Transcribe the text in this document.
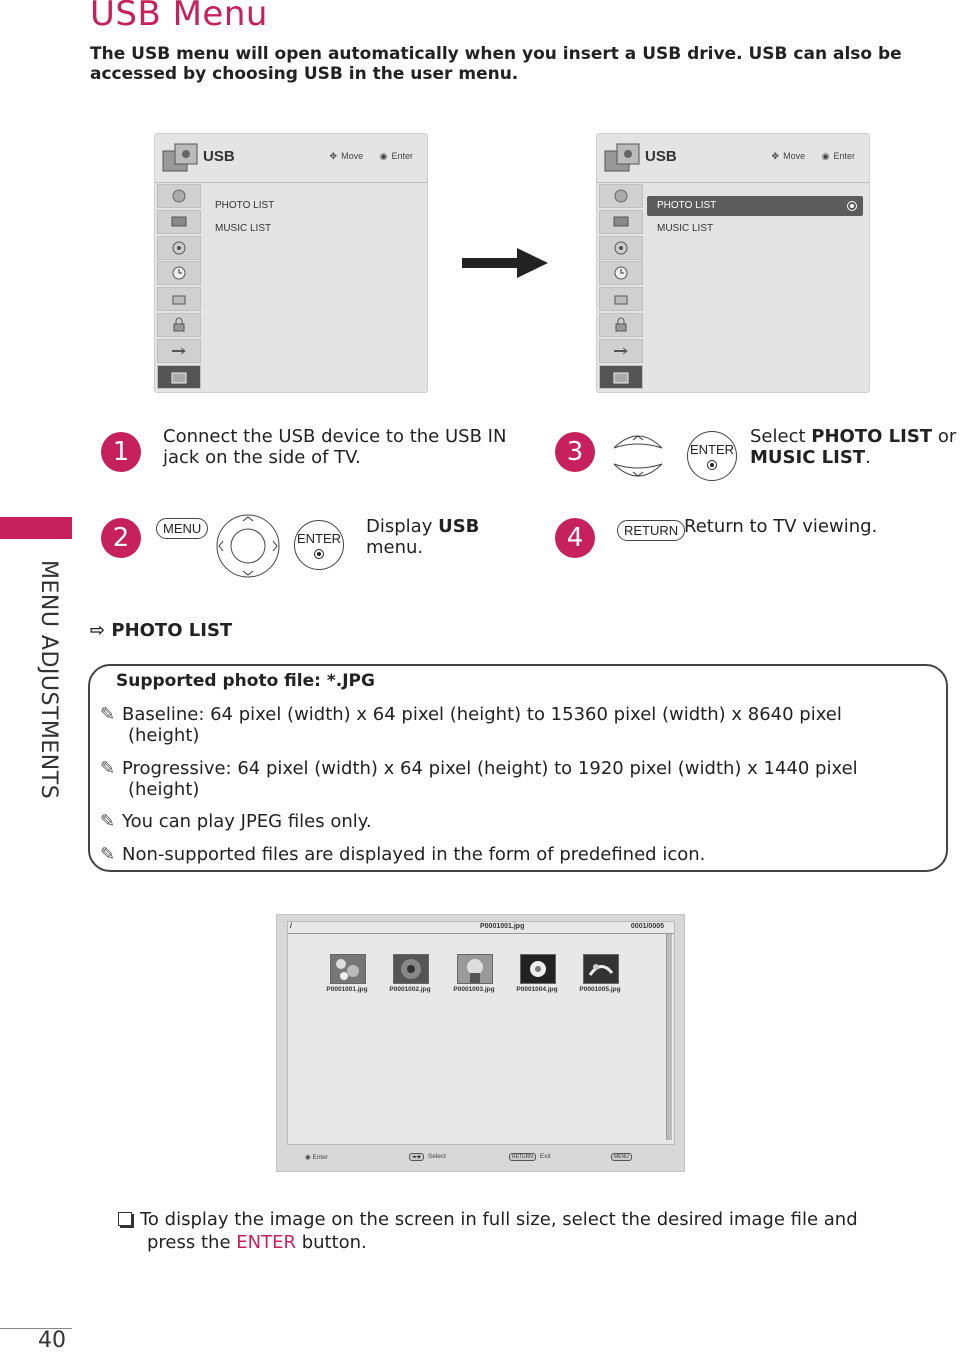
USB Menu
The USB menu will open automatically when you insert a USB drive. USB can also be accessed by choosing USB in the user menu.
MENU ADJUSTMENTS
40
USB	✥ Move ◉ Enter
PHOTO LIST
MUSIC LIST
USB	✥ Move ◉ Enter
PHOTO LIST
MUSIC LIST
1
Connect the USB device to the USB IN jack on the side of TV.	3	ENTER
Select PHOTO LIST or MUSIC LIST.
2	MENU
ENTER
Display USB menu.	4	RETURN Return to TV viewing.
⇨ PHOTO LIST
Supported photo file: *.JPG
✎ Baseline: 64 pixel (width) x 64 pixel (height) to 15360 pixel (width) x 8640 pixel
(height)
✎ Progressive: 64 pixel (width) x 64 pixel (height) to 1920 pixel (width) x 1440 pixel
(height)
✎ You can play JPEG files only.
✎ Non-supported files are displayed in the form of predefined icon.
/	P0001001.jpg	0001/0005
P0001001.jpg	P0001002.jpg	P0001003.jpg	P0001004.jpg	P0001005.jpg
◉ Enter	◂▸◆ Select	RETURN Exit	MENU
To display the image on the screen in full size, select the desired image file and
press the ENTER button.
